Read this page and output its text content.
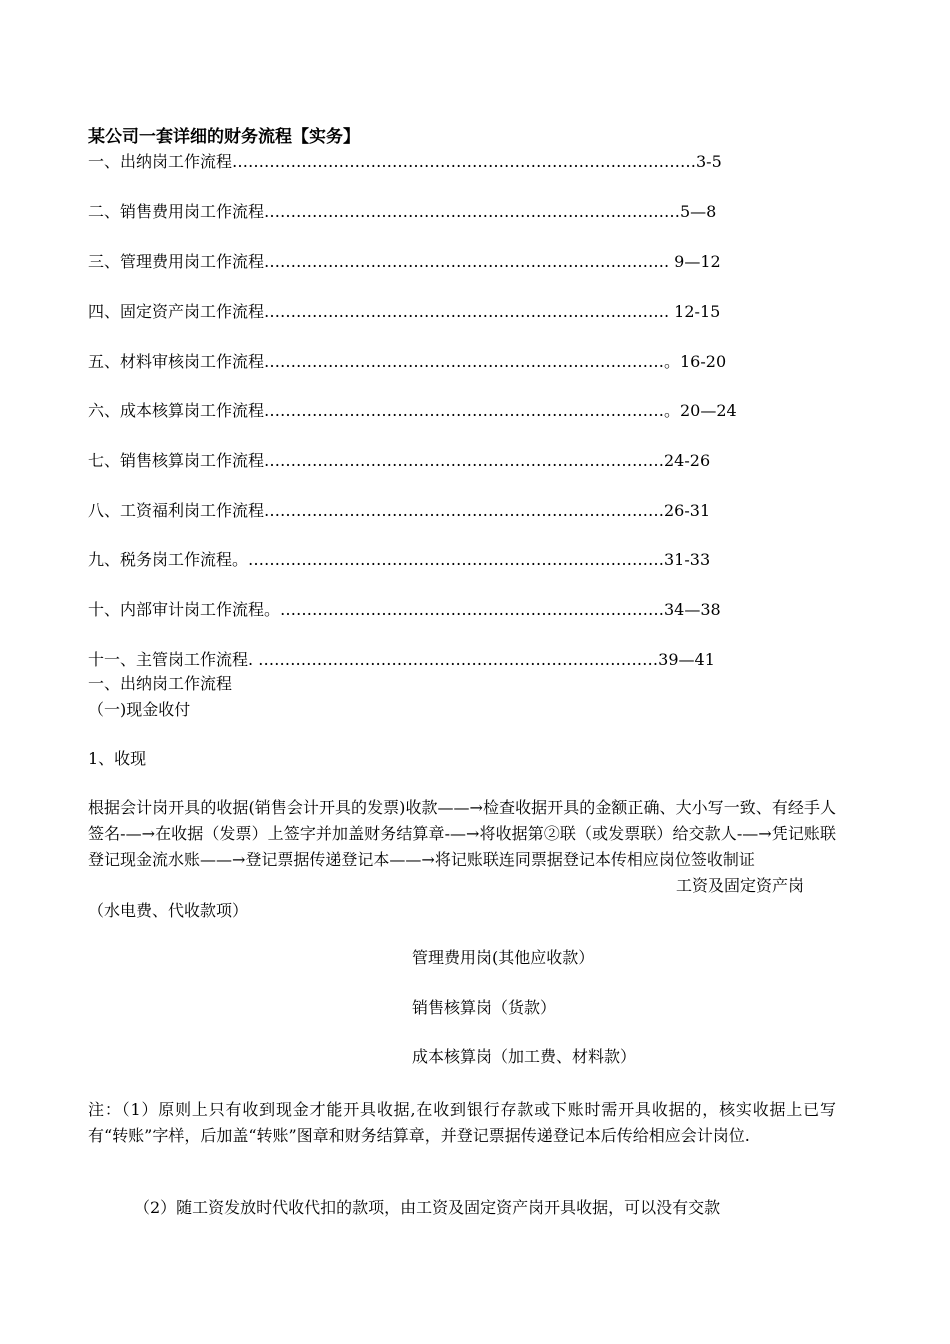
某公司一套详细的财务流程【实务】
一、出纳岗工作流程……………………………………………………………………………3-5
二、销售费用岗工作流程……………………………………………………………………5—8
三、管理费用岗工作流程…………………………………………………………………. 9—12
四、固定资产岗工作流程…………………………………………………………………. 12-15
五、材料审核岗工作流程…………………………………………………………………。16-20
六、成本核算岗工作流程…………………………………………………………………。20—24
七、销售核算岗工作流程…………………………………………………………………24-26
八、工资福利岗工作流程…………………………………………………………………26-31
九、税务岗工作流程。……………………………………………………………………31-33
十、内部审计岗工作流程。………………………………………………………………34—38
十一、主管岗工作流程. …………………………………………………………………39—41
一、出纳岗工作流程
（一)现金收付
1、收现
根据会计岗开具的收据(销售会计开具的发票)收款——→检查收据开具的金额正确、大小写一致、有经手人签名-—→在收据（发票）上签字并加盖财务结算章-—→将收据第②联（或发票联）给交款人-—→凭记账联登记现金流水账——→登记票据传递登记本——→将记账联连同票据登记本传相应岗位签收制证
工资及固定资产岗
（水电费、代收款项）
管理费用岗(其他应收款）
销售核算岗（货款）
成本核算岗（加工费、材料款）
注：（1）原则上只有收到现金才能开具收据,在收到银行存款或下账时需开具收据的，核实收据上已写有“转账”字样，后加盖“转账”图章和财务结算章，并登记票据传递登记本后传给相应会计岗位.
（2）随工资发放时代收代扣的款项，由工资及固定资产岗开具收据，可以没有交款
